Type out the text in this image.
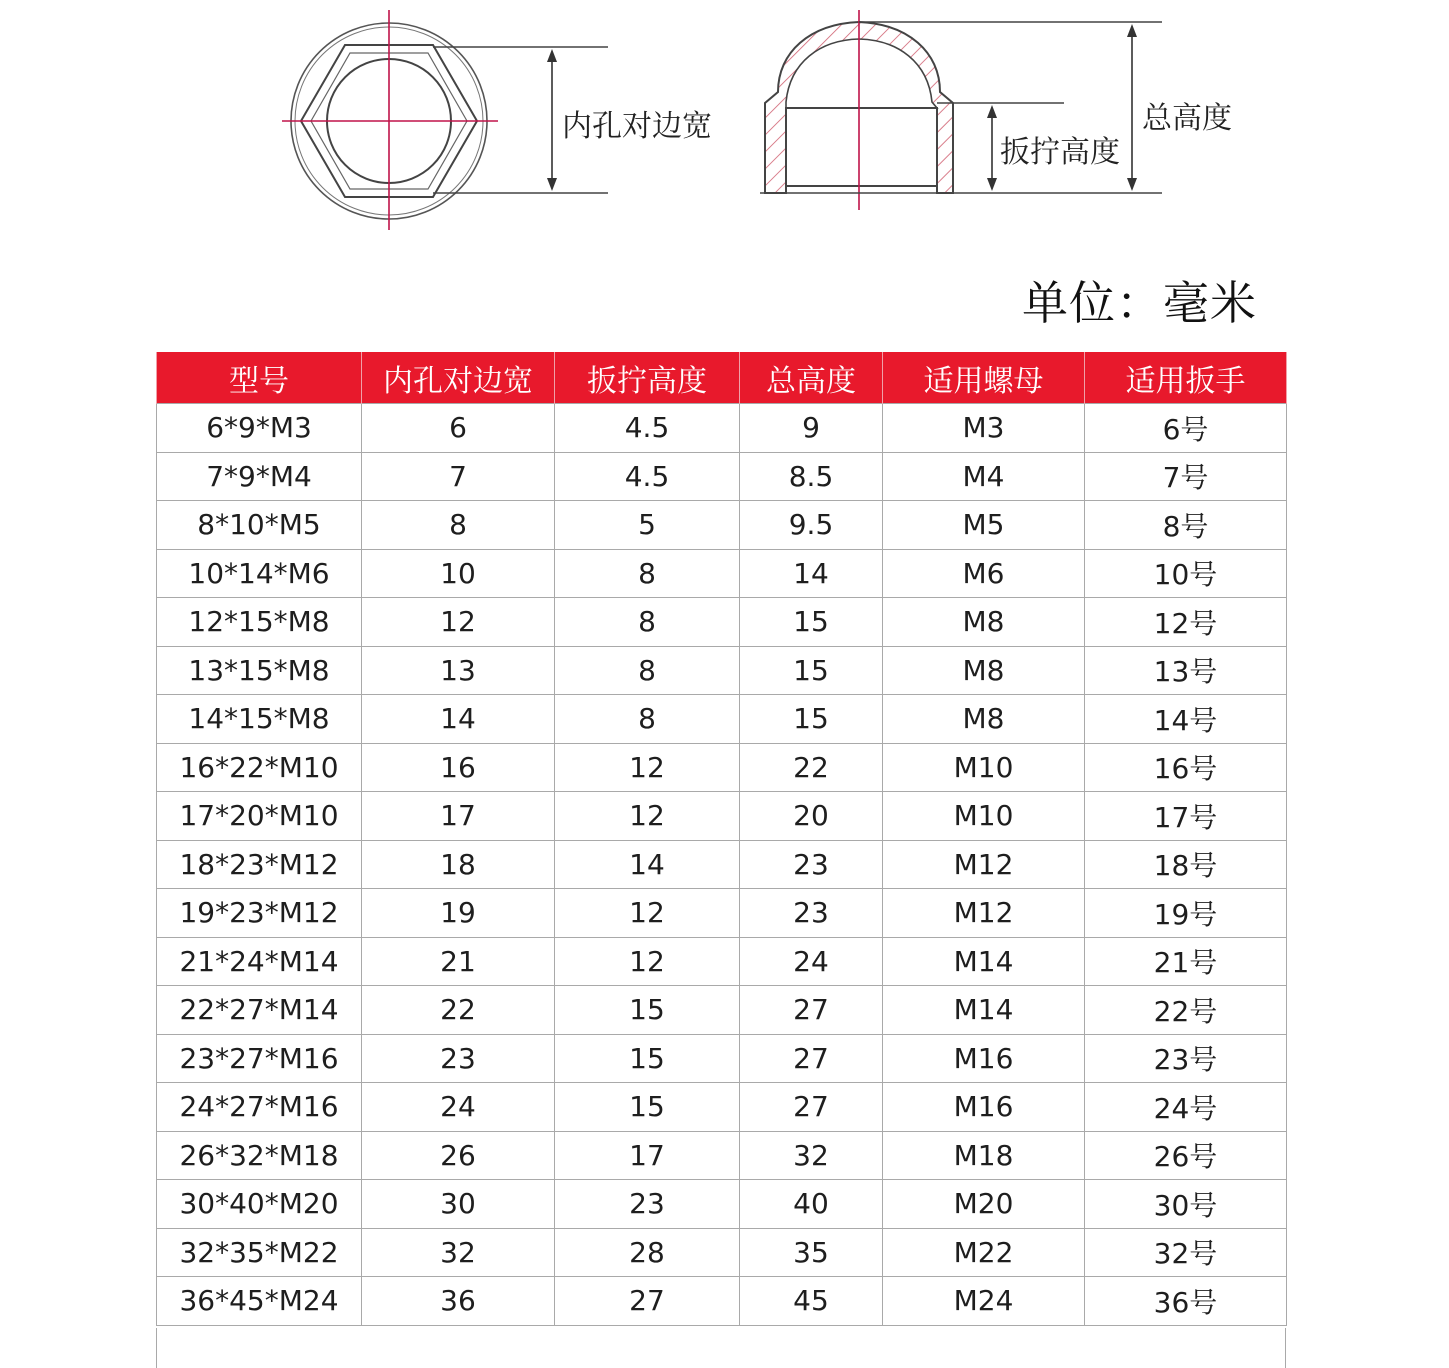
内孔对边宽
扳拧高度
总高度
单位：毫米
型号	内孔对边宽	扳拧高度	总高度	适用螺母	适用扳手
6*9*M3	6	4.5	9	M3	6号
7*9*M4	7	4.5	8.5	M4	7号
8*10*M5	8	5	9.5	M5	8号
10*14*M6	10	8	14	M6	10号
12*15*M8	12	8	15	M8	12号
13*15*M8	13	8	15	M8	13号
14*15*M8	14	8	15	M8	14号
16*22*M10	16	12	22	M10	16号
17*20*M10	17	12	20	M10	17号
18*23*M12	18	14	23	M12	18号
19*23*M12	19	12	23	M12	19号
21*24*M14	21	12	24	M14	21号
22*27*M14	22	15	27	M14	22号
23*27*M16	23	15	27	M16	23号
24*27*M16	24	15	27	M16	24号
26*32*M18	26	17	32	M18	26号
30*40*M20	30	23	40	M20	30号
32*35*M22	32	28	35	M22	32号
36*45*M24	36	27	45	M24	36号
